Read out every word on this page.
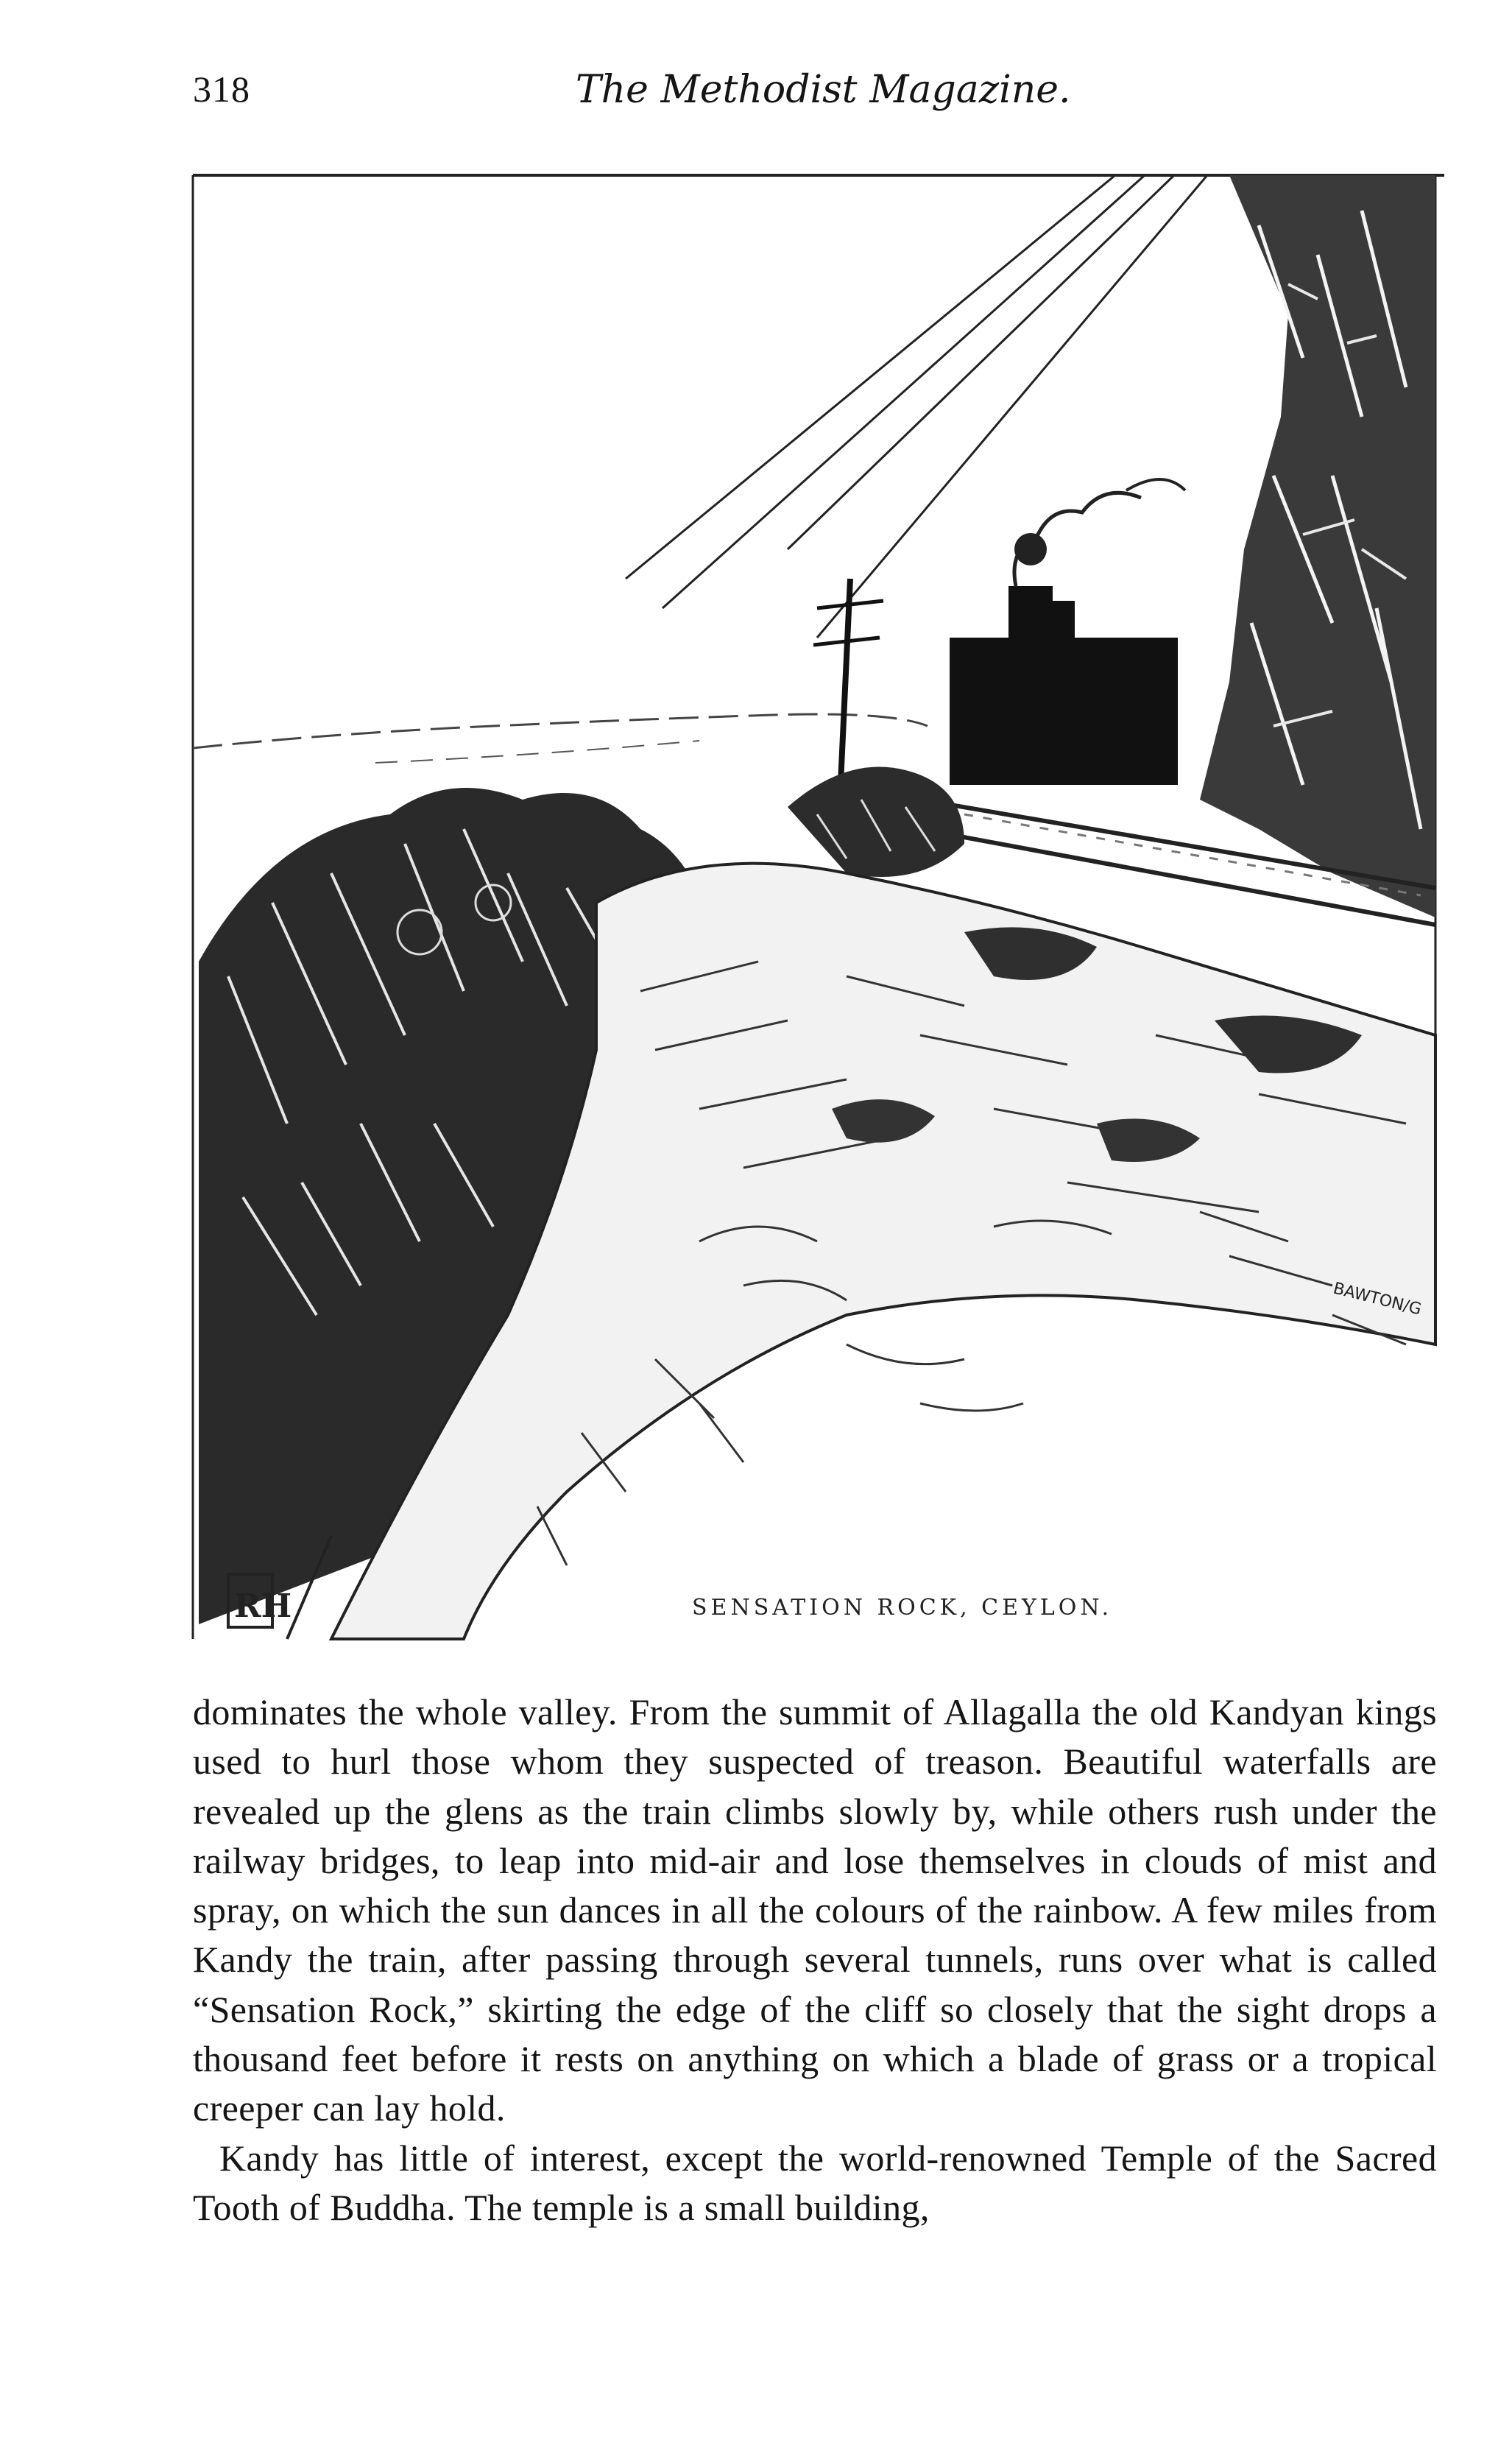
318	The Methodist Magazine.
BAWTON/G
RH	SENSATION ROCK, CEYLON.

dominates the whole valley. From the summit of Allagalla the old Kandyan kings used to hurl those whom they suspected of treason. Beautiful waterfalls are revealed up the glens as the train climbs slowly by, while others rush under the railway bridges, to leap into mid-air and lose themselves in clouds of mist and spray, on which the sun dances in all the colours of the rainbow. A few miles from Kandy the train, after passing through several tunnels, runs over what is called “Sensation Rock,” skirting the edge of the cliff so closely that the sight drops a thousand feet before it rests on anything on which a blade of grass or a tropical creeper can lay hold.

Kandy has little of interest, except the world-renowned Temple of the Sacred Tooth of Buddha. The temple is a small building,
